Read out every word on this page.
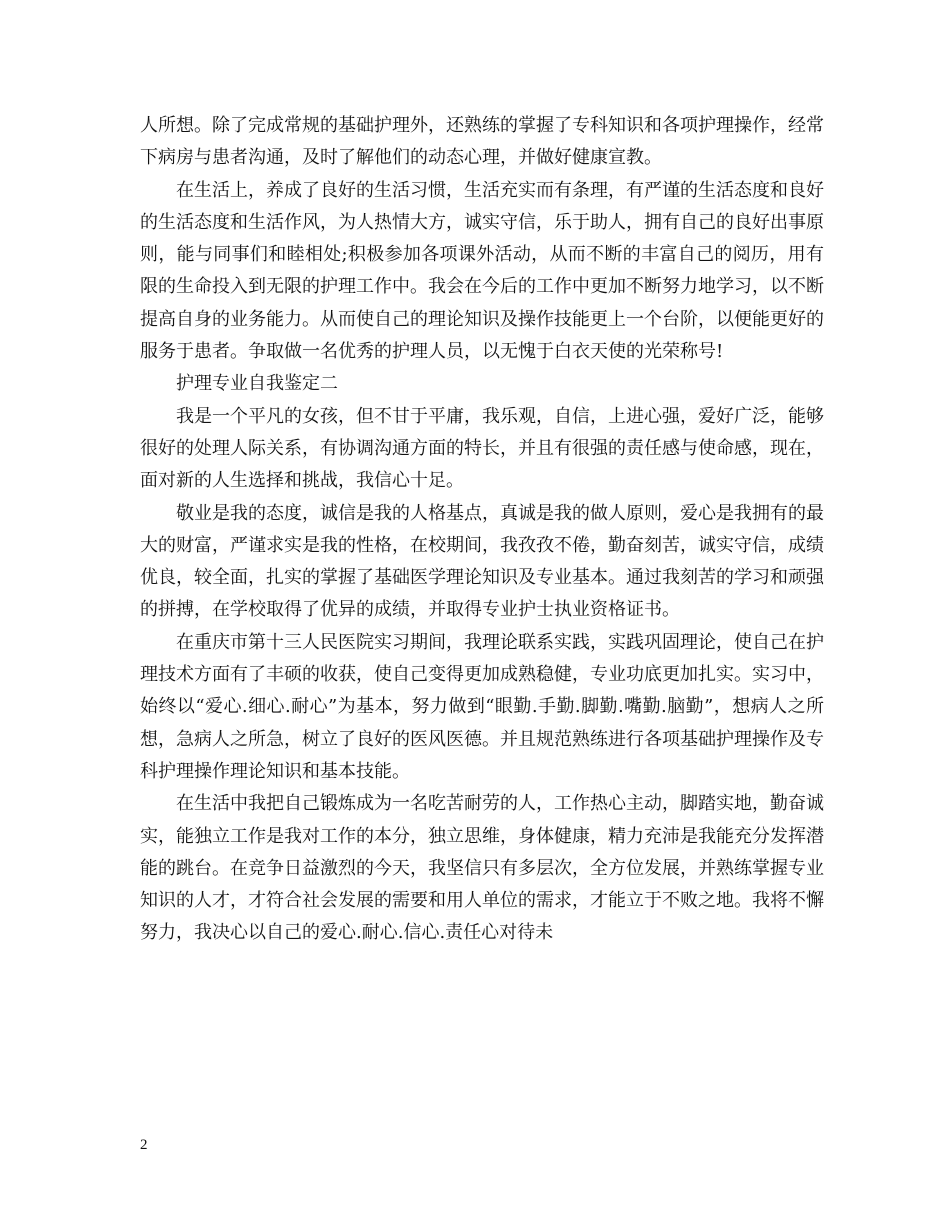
人所想。除了完成常规的基础护理外，还熟练的掌握了专科知识和各项护理操作，经常下病房与患者沟通，及时了解他们的动态心理，并做好健康宣教。

在生活上，养成了良好的生活习惯，生活充实而有条理，有严谨的生活态度和良好的生活态度和生活作风，为人热情大方，诚实守信，乐于助人，拥有自己的良好出事原则，能与同事们和睦相处;积极参加各项课外活动，从而不断的丰富自己的阅历，用有限的生命投入到无限的护理工作中。我会在今后的工作中更加不断努力地学习，以不断提高自身的业务能力。从而使自己的理论知识及操作技能更上一个台阶，以便能更好的服务于患者。争取做一名优秀的护理人员，以无愧于白衣天使的光荣称号!

护理专业自我鉴定二

我是一个平凡的女孩，但不甘于平庸，我乐观，自信，上进心强，爱好广泛，能够很好的处理人际关系，有协调沟通方面的特长，并且有很强的责任感与使命感，现在，面对新的人生选择和挑战，我信心十足。

敬业是我的态度，诚信是我的人格基点，真诚是我的做人原则，爱心是我拥有的最大的财富，严谨求实是我的性格，在校期间，我孜孜不倦，勤奋刻苦，诚实守信，成绩优良，较全面，扎实的掌握了基础医学理论知识及专业基本。通过我刻苦的学习和顽强的拼搏，在学校取得了优异的成绩，并取得专业护士执业资格证书。

在重庆市第十三人民医院实习期间，我理论联系实践，实践巩固理论，使自己在护理技术方面有了丰硕的收获，使自己变得更加成熟稳健，专业功底更加扎实。实习中，始终以“爱心.细心.耐心”为基本，努力做到“眼勤.手勤.脚勤.嘴勤.脑勤”，想病人之所想，急病人之所急，树立了良好的医风医德。并且规范熟练进行各项基础护理操作及专科护理操作理论知识和基本技能。

在生活中我把自己锻炼成为一名吃苦耐劳的人，工作热心主动，脚踏实地，勤奋诚实，能独立工作是我对工作的本分，独立思维，身体健康，精力充沛是我能充分发挥潜能的跳台。在竞争日益激烈的今天，我坚信只有多层次，全方位发展，并熟练掌握专业知识的人才，才符合社会发展的需要和用人单位的需求，才能立于不败之地。我将不懈努力，我决心以自己的爱心.耐心.信心.责任心对待未

2
